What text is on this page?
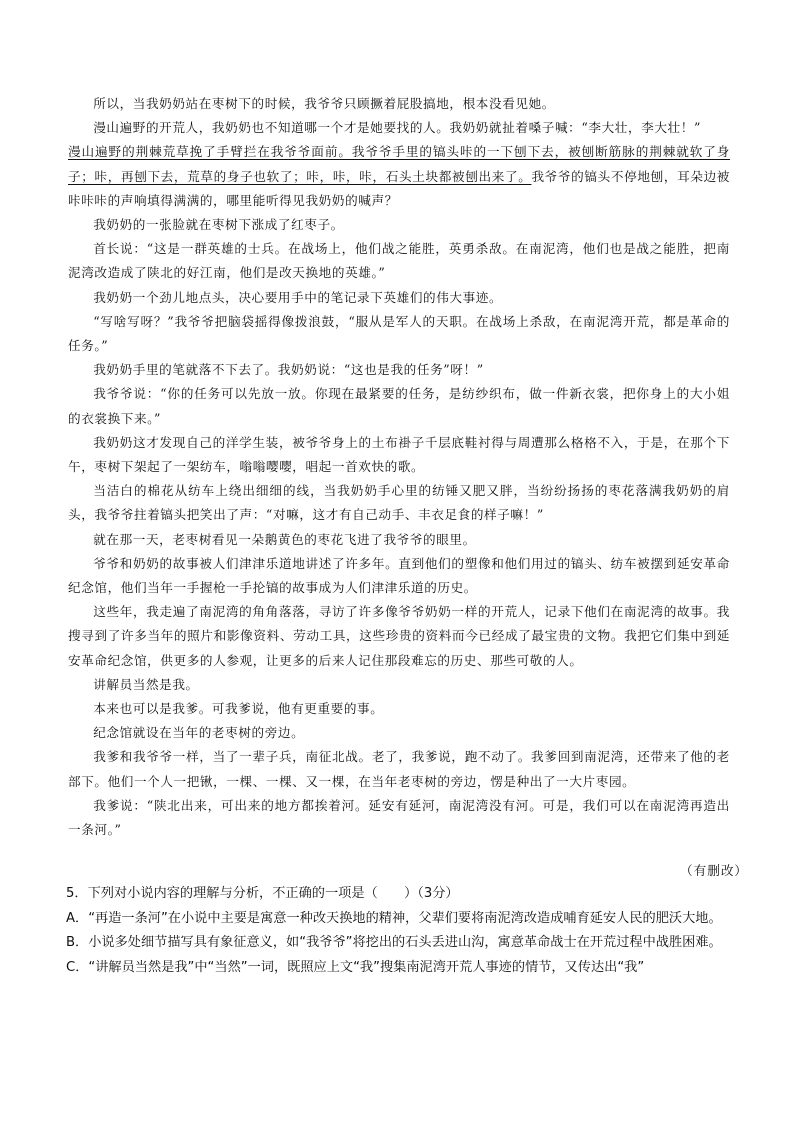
所以，当我奶奶站在枣树下的时候，我爷爷只顾撅着屁股搞地，根本没看见她。

漫山遍野的开荒人，我奶奶也不知道哪一个才是她要找的人。我奶奶就扯着嗓子喊：“李大壮，李大壮！”

漫山遍野的荆棘荒草挽了手臂拦在我爷爷面前。我爷爷手里的镐头咔的一下刨下去，被刨断筋脉的荆棘就软了身子；咔，再刨下去，荒草的身子也软了；咔，咔，咔，石头土块都被刨出来了。我爷爷的镐头不停地刨，耳朵边被咔咔咔的声响填得满满的，哪里能听得见我奶奶的喊声？

我奶奶的一张脸就在枣树下涨成了红枣子。

首长说：“这是一群英雄的士兵。在战场上，他们战之能胜，英勇杀敌。在南泥湾，他们也是战之能胜，把南泥湾改造成了陕北的好江南，他们是改天换地的英雄。”

我奶奶一个劲儿地点头，决心要用手中的笔记录下英雄们的伟大事迹。

“写啥写呀？”我爷爷把脑袋摇得像拨浪鼓，“服从是军人的天职。在战场上杀敌，在南泥湾开荒，都是革命的任务。”

我奶奶手里的笔就落不下去了。我奶奶说：“这也是我的任务”呀！”

我爷爷说：“你的任务可以先放一放。你现在最紧要的任务，是纺纱织布，做一件新衣裳，把你身上的大小姐的衣裳换下来。”

我奶奶这才发现自己的洋学生装，被爷爷身上的土布褂子千层底鞋衬得与周遭那么格格不入，于是，在那个下午，枣树下架起了一架纺车，嗡嗡嘤嘤，唱起一首欢快的歌。

当洁白的棉花从纺车上绕出细细的线，当我奶奶手心里的纺锤又肥又胖，当纷纷扬扬的枣花落满我奶奶的肩头，我爷爷拄着镐头把笑出了声：“对嘛，这才有自己动手、丰衣足食的样子嘛！”

就在那一天，老枣树看见一朵鹅黄色的枣花飞进了我爷爷的眼里。

爷爷和奶奶的故事被人们津津乐道地讲述了许多年。直到他们的塑像和他们用过的镐头、纺车被摆到延安革命纪念馆，他们当年一手握枪一手抡镐的故事成为人们津津乐道的历史。

这些年，我走遍了南泥湾的角角落落，寻访了许多像爷爷奶奶一样的开荒人，记录下他们在南泥湾的故事。我搜寻到了许多当年的照片和影像资料、劳动工具，这些珍贵的资料而今已经成了最宝贵的文物。我把它们集中到延安革命纪念馆，供更多的人参观，让更多的后来人记住那段难忘的历史、那些可敬的人。

讲解员当然是我。

本来也可以是我爹。可我爹说，他有更重要的事。

纪念馆就设在当年的老枣树的旁边。

我爹和我爷爷一样，当了一辈子兵，南征北战。老了，我爹说，跑不动了。我爹回到南泥湾，还带来了他的老部下。他们一个人一把锹，一棵、一棵、又一棵，在当年老枣树的旁边，愣是种出了一大片枣园。

我爹说：“陕北出来，可出来的地方都挨着河。延安有延河，南泥湾没有河。可是，我们可以在南泥湾再造出一条河。”

（有删改）

5．下列对小说内容的理解与分析，不正确的一项是（　　）（3分）

A．“再造一条河”在小说中主要是寓意一种改天换地的精神，父辈们要将南泥湾改造成哺育延安人民的肥沃大地。

B．小说多处细节描写具有象征意义，如“我爷爷”将挖出的石头丢进山沟，寓意革命战士在开荒过程中战胜困难。

C．“讲解员当然是我”中“当然”一词，既照应上文“我”搜集南泥湾开荒人事迹的情节，又传达出“我”
